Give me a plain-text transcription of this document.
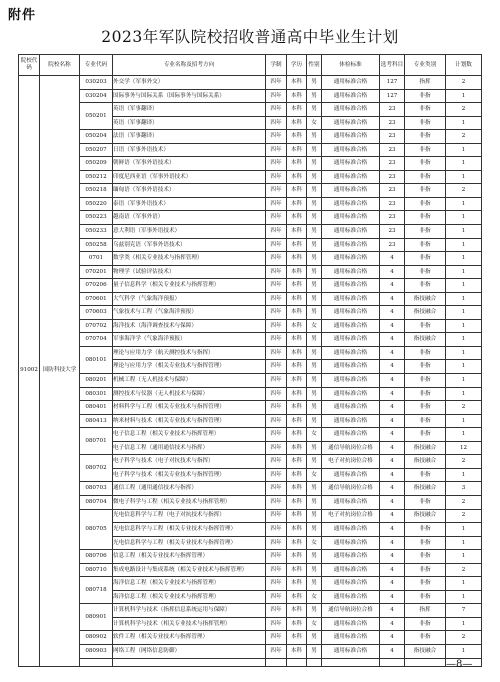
附件
2023年军队院校招收普通高中毕业生计划
院校代码	院校名称	专业代码	专业名称及招考方向	学制	学历	性别	体检标准	选考科目	专业类别	计划数
91002	国防科技大学	030203	外交学（军事外交）	四年	本科	男	通用标准合格	127	指挥	2
		030204	国际事务与国际关系（国际事务与国际关系）	四年	本科	男	通用标准合格	127	非指	1
		050201	英语（军事翻译）	四年	本科	男	通用标准合格	23	非指	2
			英语（军事翻译）	四年	本科	女	通用标准合格	23	非指	1
		050204	法语（军事翻译）	四年	本科	男	通用标准合格	23	非指	2
		050207	日语（军事外语技术）	四年	本科	男	通用标准合格	23	非指	1
		050209	朝鲜语（军事外语技术）	四年	本科	男	通用标准合格	23	非指	1
		050212	印度尼西亚语（军事外语技术）	四年	本科	男	通用标准合格	23	非指	1
		050218	缅甸语（军事外语技术）	四年	本科	男	通用标准合格	23	非指	2
		050220	泰语（军事外语技术）	四年	本科	男	通用标准合格	23	非指	1
		050223	越南语（军事外语）	四年	本科	男	通用标准合格	23	非指	1
		050233	意大利语（军事外语技术）	四年	本科	男	通用标准合格	23	非指	1
		050258	乌兹别克语（军事外语技术）	四年	本科	男	通用标准合格	23	非指	1
		0701	数学类（相关专业技术与指挥管理）	四年	本科	男	通用标准合格	4	非指	1
		070201	物理学（试验评估技术）	四年	本科	男	通用标准合格	4	非指	1
		070206	量子信息科学（相关专业技术与指挥管理）	四年	本科	男	通用标准合格	4	非指	1
		070601	大气科学（气象海洋预报）	四年	本科	男	通用标准合格	4	指技融合	1
		070603	气象技术与工程（气象海洋预报）	四年	本科	男	通用标准合格	4	指技融合	1
		070702	海洋技术（海洋调查技术与保障）	四年	本科	女	通用标准合格	4	非指	1
		070704	军事海洋学（气象海洋预报）	四年	本科	男	通用标准合格	4	指技融合	1
		080101	理论与应用力学（航天测控技术与指挥）	四年	本科	男	通用标准合格	4	非指	1
			理论与应用力学（相关专业技术与指挥管理）	四年	本科	男	通用标准合格	4	非指	1
		080201	机械工程（无人机技术与保障）	四年	本科	男	通用标准合格	4	非指	1
		080301	测控技术与仪器（无人机技术与保障）	四年	本科	男	通用标准合格	4	非指	1
		080401	材料科学与工程（相关专业技术与指挥管理）	四年	本科	男	通用标准合格	4	非指	2
		080413	纳米材料与技术（相关专业技术与指挥管理）	四年	本科	男	通用标准合格	4	非指	1
		080701	电子信息工程（相关专业技术与指挥管理）	四年	本科	女	通用标准合格	4	非指	1
			电子信息工程（通用通信技术与指挥）	四年	本科	男	通信导航岗位合格	4	指技融合	12
		080702	电子科学与技术（电子对抗技术与指挥）	四年	本科	男	电子对抗岗位合格	4	指技融合	2
			电子科学与技术（相关专业技术与指挥管理）	四年	本科	女	通用标准合格	4	非指	1
		080703	通信工程（通用通信技术与指挥）	四年	本科	男	通信导航岗位合格	4	指技融合	3
		080704	微电子科学与工程（相关专业技术与指挥管理）	四年	本科	男	通用标准合格	4	非指	2
		080705	光电信息科学与工程（电子对抗技术与指挥）	四年	本科	男	电子对抗岗位合格	4	指技融合	2
			光电信息科学与工程（相关专业技术与指挥管理）	四年	本科	男	通用标准合格	4	非指	1
			光电信息科学与工程（相关专业技术与指挥管理）	四年	本科	女	通用标准合格	4	非指	1
		080706	信息工程（相关专业技术与指挥管理）	四年	本科	男	通用标准合格	4	非指	1
		080710	集成电路设计与集成系统（相关专业技术与指挥管理）	四年	本科	男	通用标准合格	4	非指	2
		080718	海洋信息工程（相关专业技术与指挥管理）	四年	本科	男	通用标准合格	4	非指	1
			海洋信息工程（相关专业技术与指挥管理）	四年	本科	女	通用标准合格	4	非指	1
		080901	计算机科学与技术（指挥信息系统运用与保障）	四年	本科	男	通信导航岗位合格	4	指挥	7
			计算机科学与技术（相关专业技术与指挥管理）	四年	本科	女	通用标准合格	4	非指	1
		080902	软件工程（相关专业技术与指挥管理）	四年	本科	男	通用标准合格	4	非指	2
		080903	网络工程（网络信息防御）	四年	本科	男	通用标准合格	4	指技融合	1

—8—
